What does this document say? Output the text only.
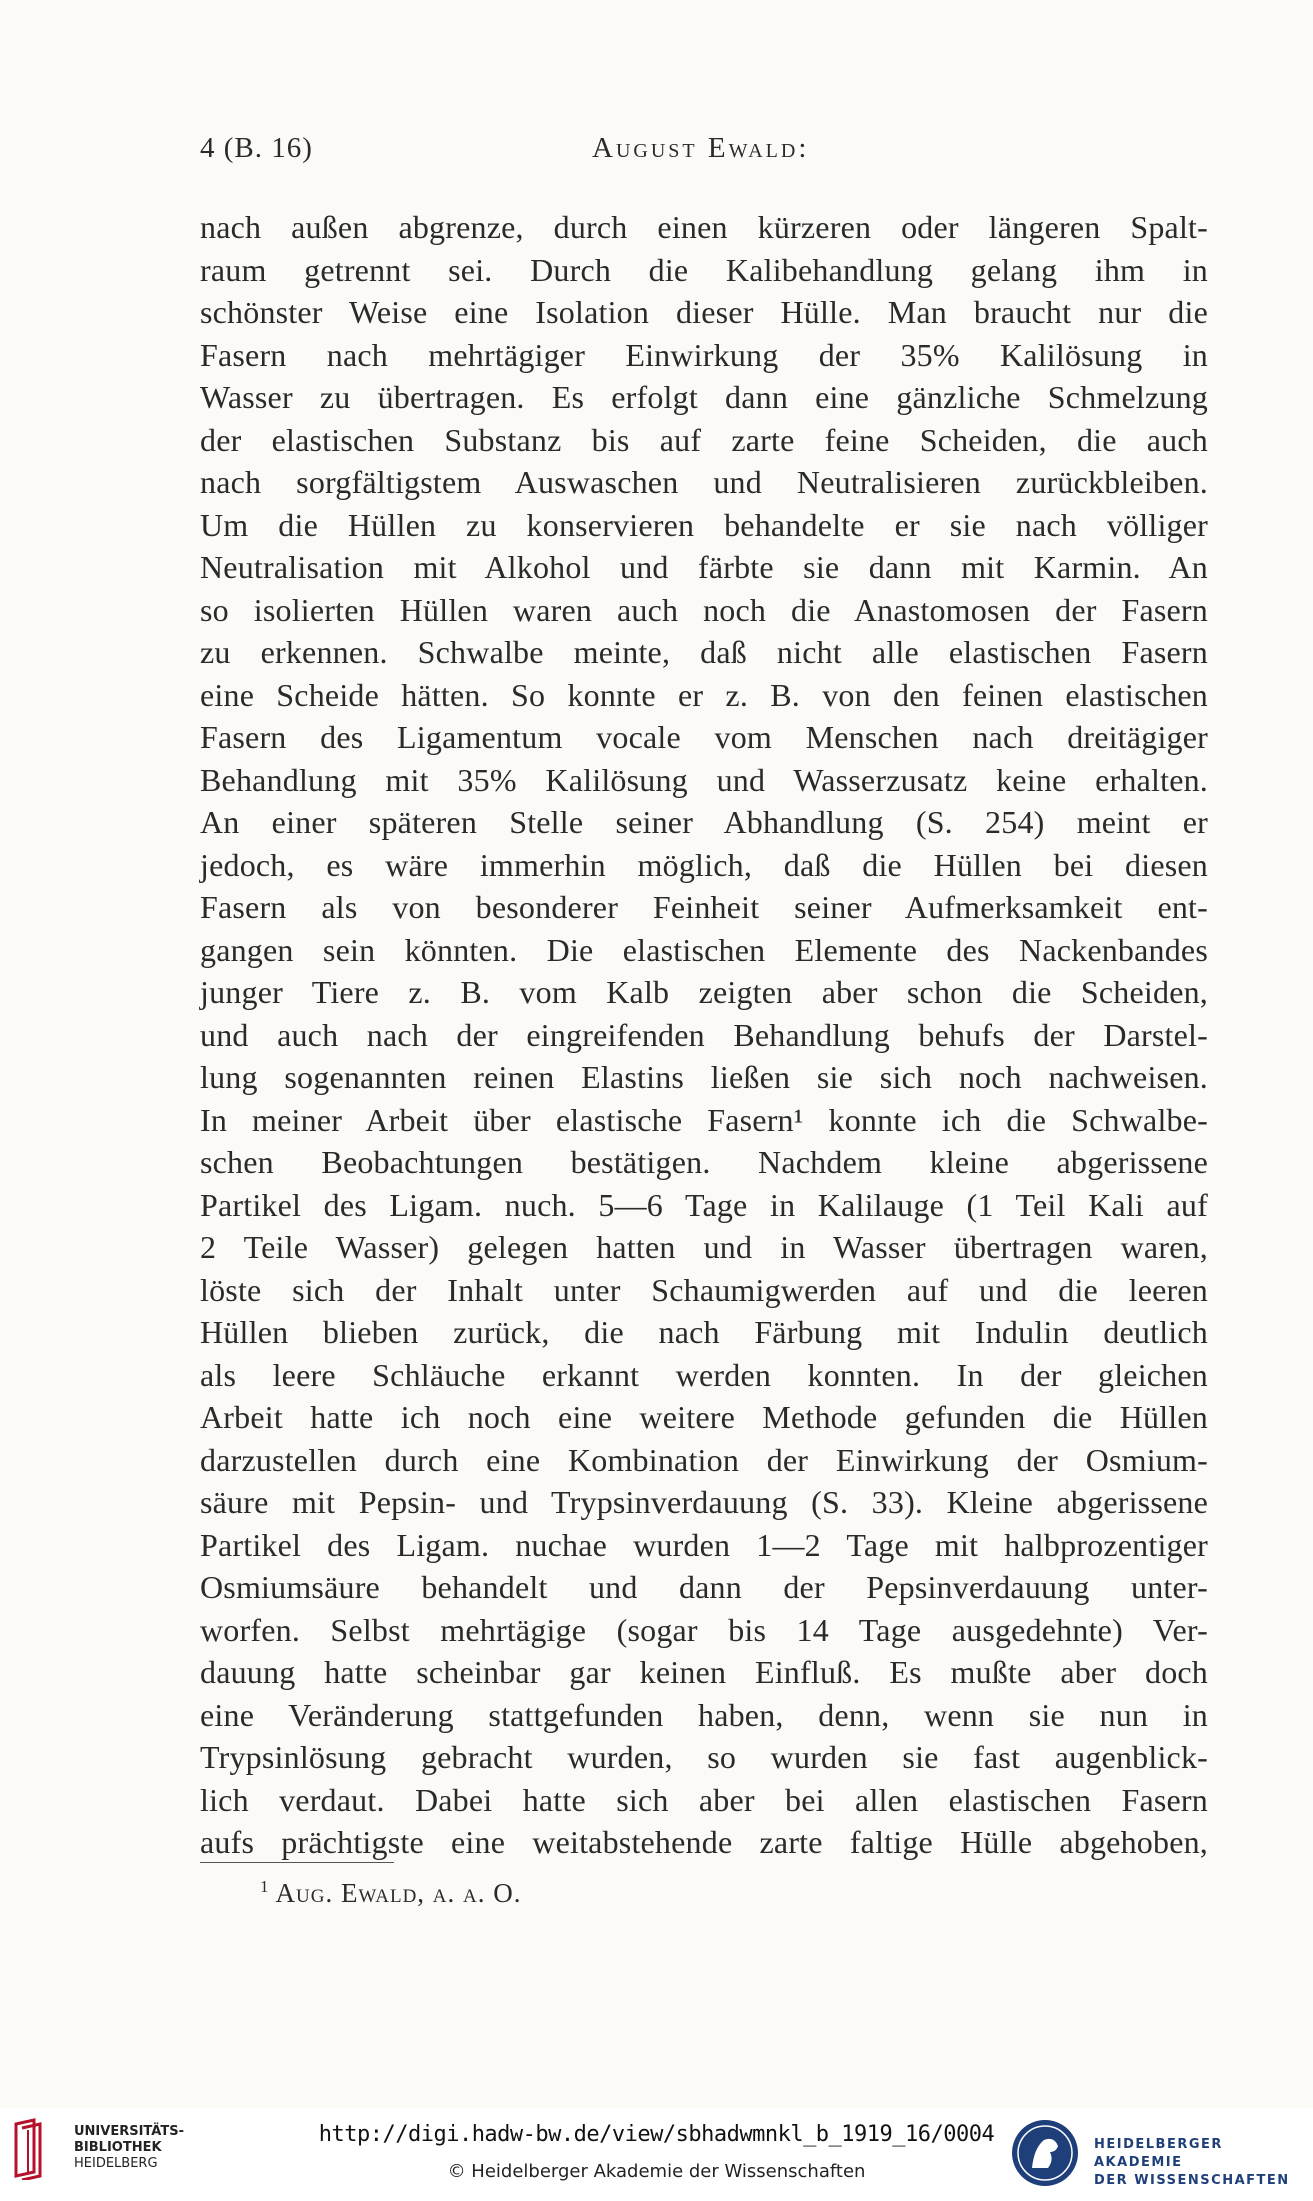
4 (B. 16)	August Ewald:
nach außen abgrenze, durch einen kürzeren oder längeren Spalt-
raum getrennt sei. Durch die Kalibehandlung gelang ihm in
schönster Weise eine Isolation dieser Hülle. Man braucht nur die
Fasern nach mehrtägiger Einwirkung der 35% Kalilösung in
Wasser zu übertragen. Es erfolgt dann eine gänzliche Schmelzung
der elastischen Substanz bis auf zarte feine Scheiden, die auch
nach sorgfältigstem Auswaschen und Neutralisieren zurückbleiben.
Um die Hüllen zu konservieren behandelte er sie nach völliger
Neutralisation mit Alkohol und färbte sie dann mit Karmin. An
so isolierten Hüllen waren auch noch die Anastomosen der Fasern
zu erkennen. Schwalbe meinte, daß nicht alle elastischen Fasern
eine Scheide hätten. So konnte er z. B. von den feinen elastischen
Fasern des Ligamentum vocale vom Menschen nach dreitägiger
Behandlung mit 35% Kalilösung und Wasserzusatz keine erhalten.
An einer späteren Stelle seiner Abhandlung (S. 254) meint er
jedoch, es wäre immerhin möglich, daß die Hüllen bei diesen
Fasern als von besonderer Feinheit seiner Aufmerksamkeit ent-
gangen sein könnten. Die elastischen Elemente des Nackenbandes
junger Tiere z. B. vom Kalb zeigten aber schon die Scheiden,
und auch nach der eingreifenden Behandlung behufs der Darstel-
lung sogenannten reinen Elastins ließen sie sich noch nachweisen.
In meiner Arbeit über elastische Fasern¹ konnte ich die Schwalbe-
schen Beobachtungen bestätigen. Nachdem kleine abgerissene
Partikel des Ligam. nuch. 5—6 Tage in Kalilauge (1 Teil Kali auf
2 Teile Wasser) gelegen hatten und in Wasser übertragen waren,
löste sich der Inhalt unter Schaumigwerden auf und die leeren
Hüllen blieben zurück, die nach Färbung mit Indulin deutlich
als leere Schläuche erkannt werden konnten. In der gleichen
Arbeit hatte ich noch eine weitere Methode gefunden die Hüllen
darzustellen durch eine Kombination der Einwirkung der Osmium-
säure mit Pepsin- und Trypsinverdauung (S. 33). Kleine abgerissene
Partikel des Ligam. nuchae wurden 1—2 Tage mit halbprozentiger
Osmiumsäure behandelt und dann der Pepsinverdauung unter-
worfen. Selbst mehrtägige (sogar bis 14 Tage ausgedehnte) Ver-
dauung hatte scheinbar gar keinen Einfluß. Es mußte aber doch
eine Veränderung stattgefunden haben, denn, wenn sie nun in
Trypsinlösung gebracht wurden, so wurden sie fast augenblick-
lich verdaut. Dabei hatte sich aber bei allen elastischen Fasern
aufs prächtigste eine weitabstehende zarte faltige Hülle abgehoben,
$^1$ Aug. Ewald, a. a. O.
UNIVERSITÄTS-
BIBLIOTHEK
HEIDELBERG
http://digi.hadw-bw.de/view/sbhadwmnkl_b_1919_16/0004
© Heidelberger Akademie der Wissenschaften
HEIDELBERGER AKADEMIE
DER WISSENSCHAFTEN
